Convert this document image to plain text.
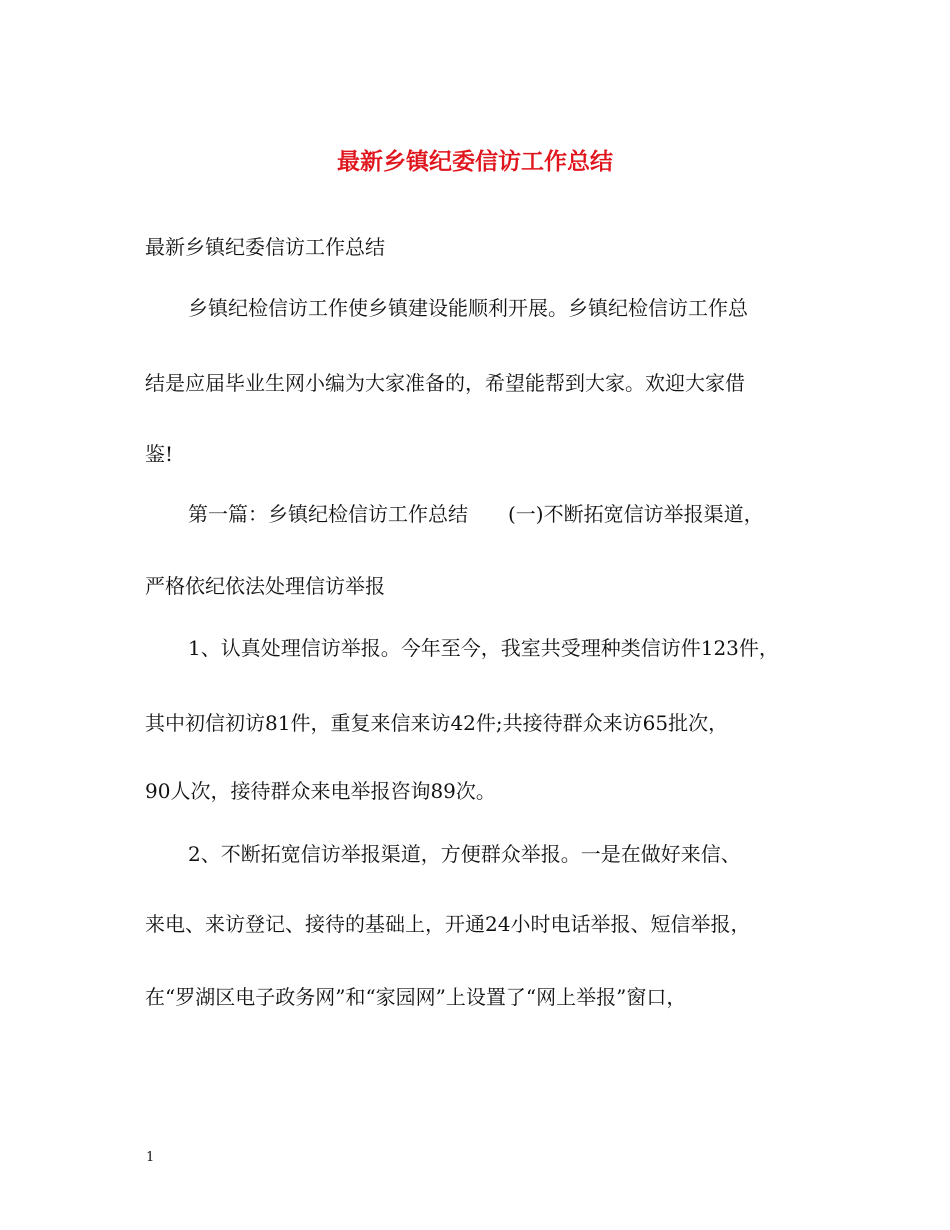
最新乡镇纪委信访工作总结

最新乡镇纪委信访工作总结

乡镇纪检信访工作使乡镇建设能顺利开展。乡镇纪检信访工作总

结是应届毕业生网小编为大家准备的，希望能帮到大家。欢迎大家借

鉴!

第一篇：乡镇纪检信访工作总结　　(一)不断拓宽信访举报渠道，

严格依纪依法处理信访举报

1、认真处理信访举报。今年至今，我室共受理种类信访件123件，

其中初信初访81件，重复来信来访42件;共接待群众来访65批次，

90人次，接待群众来电举报咨询89次。

2、不断拓宽信访举报渠道，方便群众举报。一是在做好来信、

来电、来访登记、接待的基础上，开通24小时电话举报、短信举报，

在“罗湖区电子政务网”和“家园网”上设置了“网上举报”窗口，

1
